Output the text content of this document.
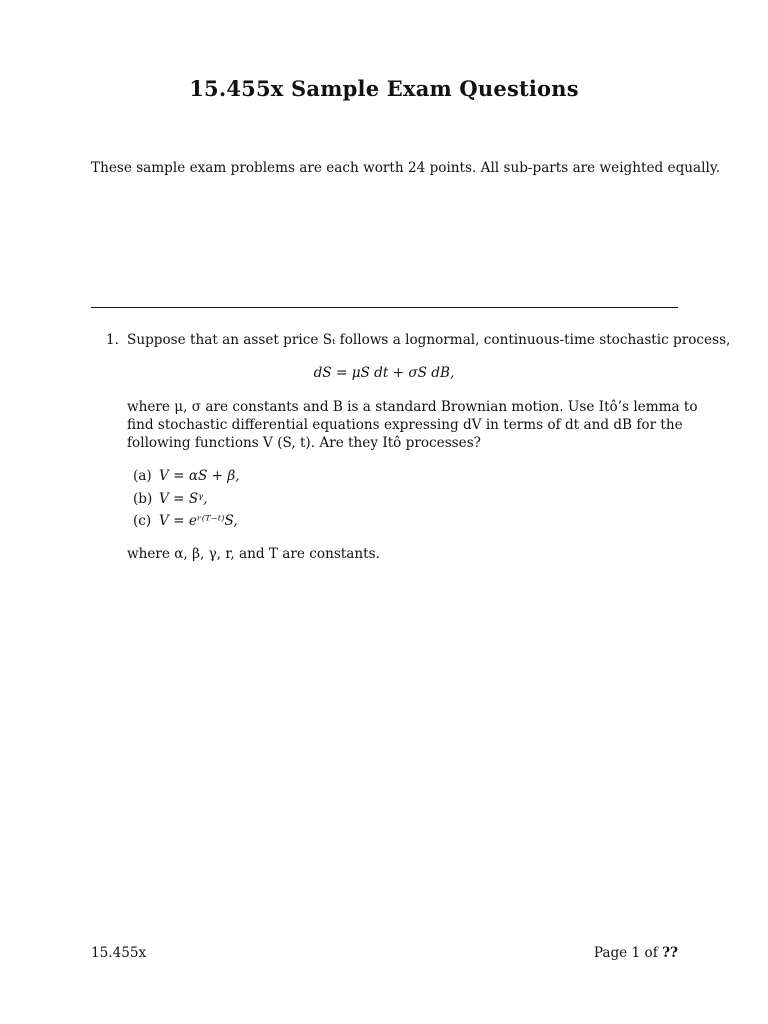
15.455x Sample Exam Questions
These sample exam problems are each worth 24 points. All sub-parts are weighted equally.
1. Suppose that an asset price Sₜ follows a lognormal, continuous-time stochastic process,
dS = μS dt + σS dB,
where μ, σ are constants and B is a standard Brownian motion. Use Itô’s lemma to
find stochastic differential equations expressing dV in terms of dt and dB for the
following functions V (S, t). Are they Itô processes?
(a) V = αS + β,
(b) V = Sᵞ,
(c) V = eʳ⁽ᵀ⁻ᵗ⁾S,
where α, β, γ, r, and T are constants.
15.455x	Page 1 of ??
